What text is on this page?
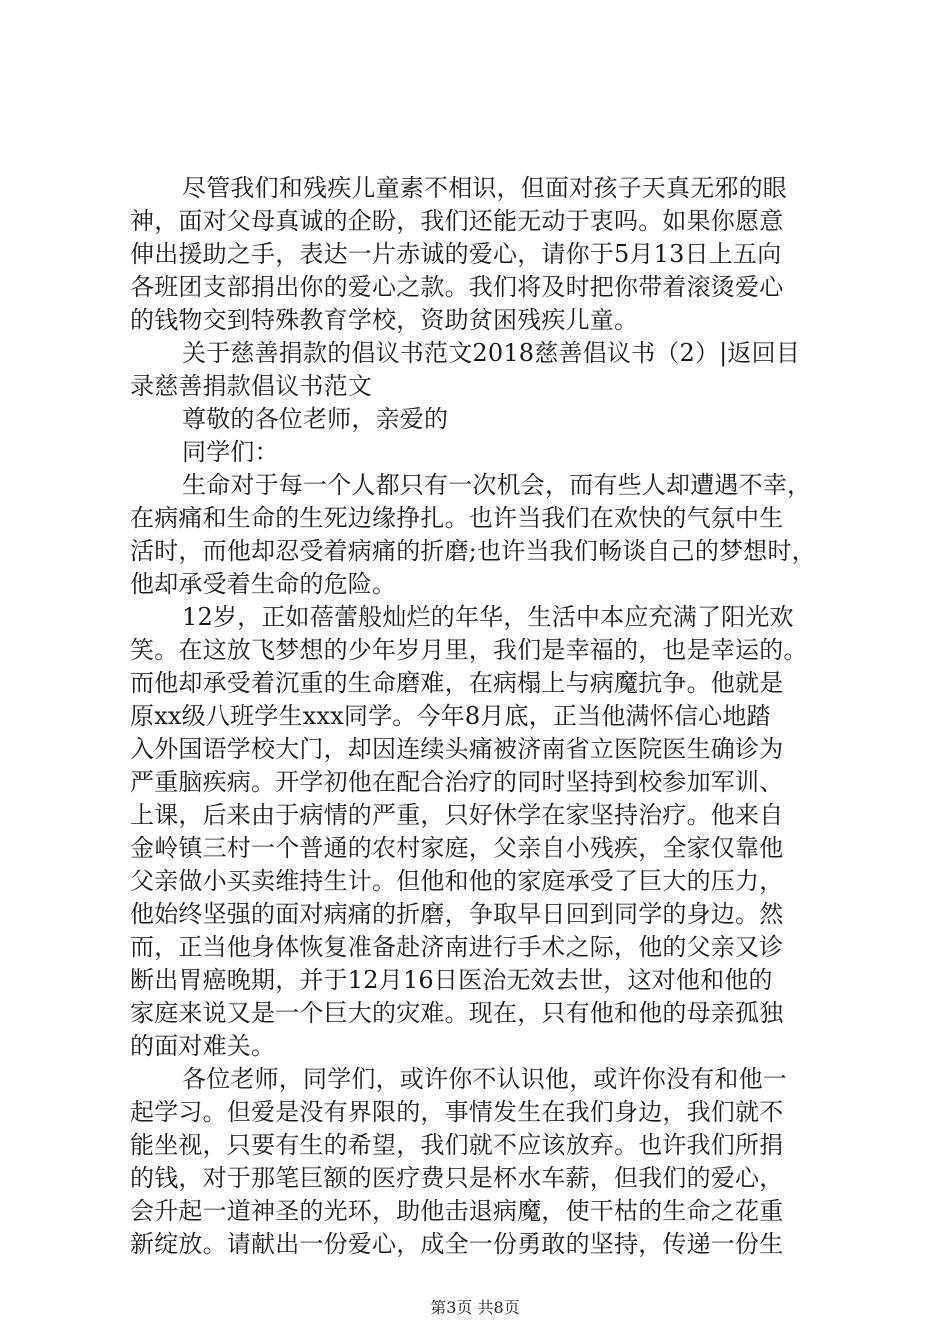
尽管我们和残疾儿童素不相识，但面对孩子天真无邪的眼
神，面对父母真诚的企盼，我们还能无动于衷吗。如果你愿意
伸出援助之手，表达一片赤诚的爱心，请你于5月13日上五向
各班团支部捐出你的爱心之款。我们将及时把你带着滚烫爱心
的钱物交到特殊教育学校，资助贫困残疾儿童。
关于慈善捐款的倡议书范文2018慈善倡议书（2）|返回目
录慈善捐款倡议书范文
尊敬的各位老师，亲爱的
同学们：
生命对于每一个人都只有一次机会，而有些人却遭遇不幸，
在病痛和生命的生死边缘挣扎。也许当我们在欢快的气氛中生
活时，而他却忍受着病痛的折磨;也许当我们畅谈自己的梦想时，
他却承受着生命的危险。
12岁，正如蓓蕾般灿烂的年华，生活中本应充满了阳光欢
笑。在这放飞梦想的少年岁月里，我们是幸福的，也是幸运的。
而他却承受着沉重的生命磨难，在病榻上与病魔抗争。他就是
原xx级八班学生xxx同学。今年8月底，正当他满怀信心地踏
入外国语学校大门，却因连续头痛被济南省立医院医生确诊为
严重脑疾病。开学初他在配合治疗的同时坚持到校参加军训、
上课，后来由于病情的严重，只好休学在家坚持治疗。他来自
金岭镇三村一个普通的农村家庭，父亲自小残疾，全家仅靠他
父亲做小买卖维持生计。但他和他的家庭承受了巨大的压力，
他始终坚强的面对病痛的折磨，争取早日回到同学的身边。然
而，正当他身体恢复准备赴济南进行手术之际，他的父亲又诊
断出胃癌晚期，并于12月16日医治无效去世，这对他和他的
家庭来说又是一个巨大的灾难。现在，只有他和他的母亲孤独
的面对难关。
各位老师，同学们，或许你不认识他，或许你没有和他一
起学习。但爱是没有界限的，事情发生在我们身边，我们就不
能坐视，只要有生的希望，我们就不应该放弃。也许我们所捐
的钱，对于那笔巨额的医疗费只是杯水车薪，但我们的爱心，
会升起一道神圣的光环，助他击退病魔，使干枯的生命之花重
新绽放。请献出一份爱心，成全一份勇敢的坚持，传递一份生
第3页 共8页
